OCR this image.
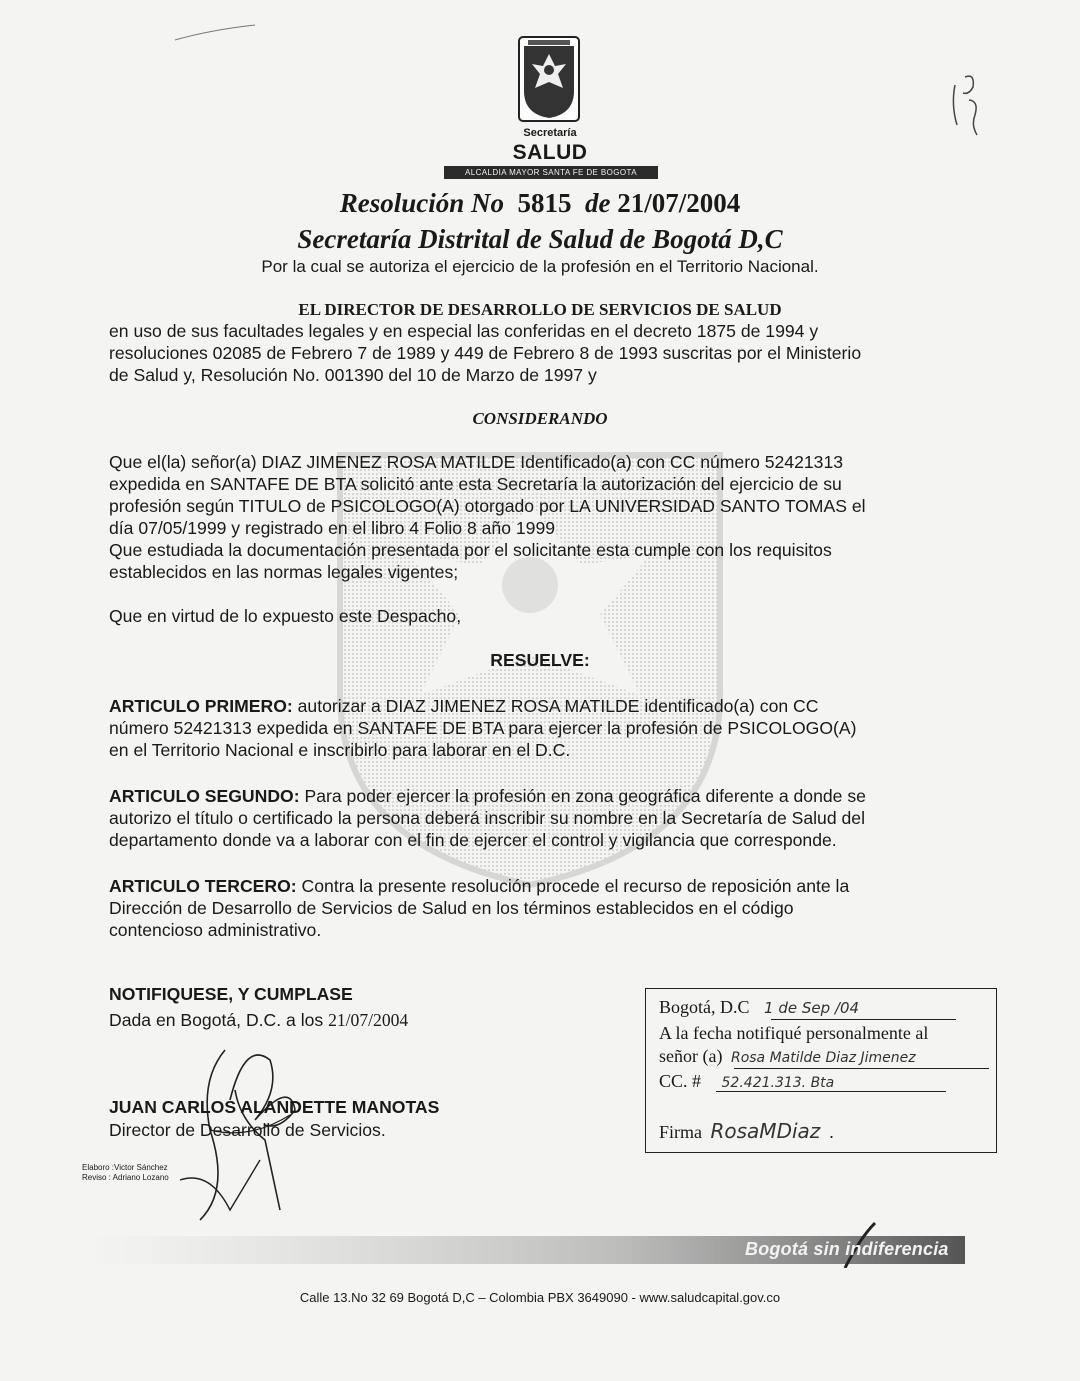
Secretaría
SALUD
ALCALDIA MAYOR SANTA FE DE BOGOTA
Resolución No 5815 de 21/07/2004
Secretaría Distrital de Salud de Bogotá D,C
Por la cual se autoriza el ejercicio de la profesión en el Territorio Nacional.
EL DIRECTOR DE DESARROLLO DE SERVICIOS DE SALUD
en uso de sus facultades legales y en especial las conferidas en el decreto 1875 de 1994 y
resoluciones 02085 de Febrero 7 de 1989 y 449 de Febrero 8 de 1993 suscritas por el Ministerio
de Salud y, Resolución No. 001390 del 10 de Marzo de 1997 y
CONSIDERANDO
Que el(la) señor(a) DIAZ JIMENEZ ROSA MATILDE Identificado(a) con CC número 52421313
expedida en SANTAFE DE BTA solicitó ante esta Secretaría la autorización del ejercicio de su
profesión según TITULO de PSICOLOGO(A) otorgado por LA UNIVERSIDAD SANTO TOMAS el
día 07/05/1999 y registrado en el libro 4 Folio 8 año 1999
Que estudiada la documentación presentada por el solicitante esta cumple con los requisitos
establecidos en las normas legales vigentes;
Que en virtud de lo expuesto este Despacho,
RESUELVE:
ARTICULO PRIMERO: autorizar a DIAZ JIMENEZ ROSA MATILDE identificado(a) con CC
número 52421313 expedida en SANTAFE DE BTA para ejercer la profesión de PSICOLOGO(A)
en el Territorio Nacional e inscribirlo para laborar en el D.C.
ARTICULO SEGUNDO: Para poder ejercer la profesión en zona geográfica diferente a donde se
autorizo el título o certificado la persona deberá inscribir su nombre en la Secretaría de Salud del
departamento donde va a laborar con el fin de ejercer el control y vigilancia que corresponde.
ARTICULO TERCERO: Contra la presente resolución procede el recurso de reposición ante la
Dirección de Desarrollo de Servicios de Salud en los términos establecidos en el código
contencioso administrativo.
NOTIFIQUESE, Y CUMPLASE
Dada en Bogotá, D.C. a los 21/07/2004
JUAN CARLOS ALANDETTE MANOTAS
Director de Desarrollo de Servicios.
Elaboro :Victor Sánchez
Reviso : Adriano Lozano
Bogotá, D.C 1 de Sep /04
A la fecha notifiqué personalmente al
señor (a) Rosa Matilde Diaz Jimenez
CC. # 52.421.313. Bta
Firma RosaMDiaz  .
Bogotá sin indiferencia
Calle 13.No 32 69 Bogotá D,C – Colombia PBX 3649090 - www.saludcapital.gov.co
